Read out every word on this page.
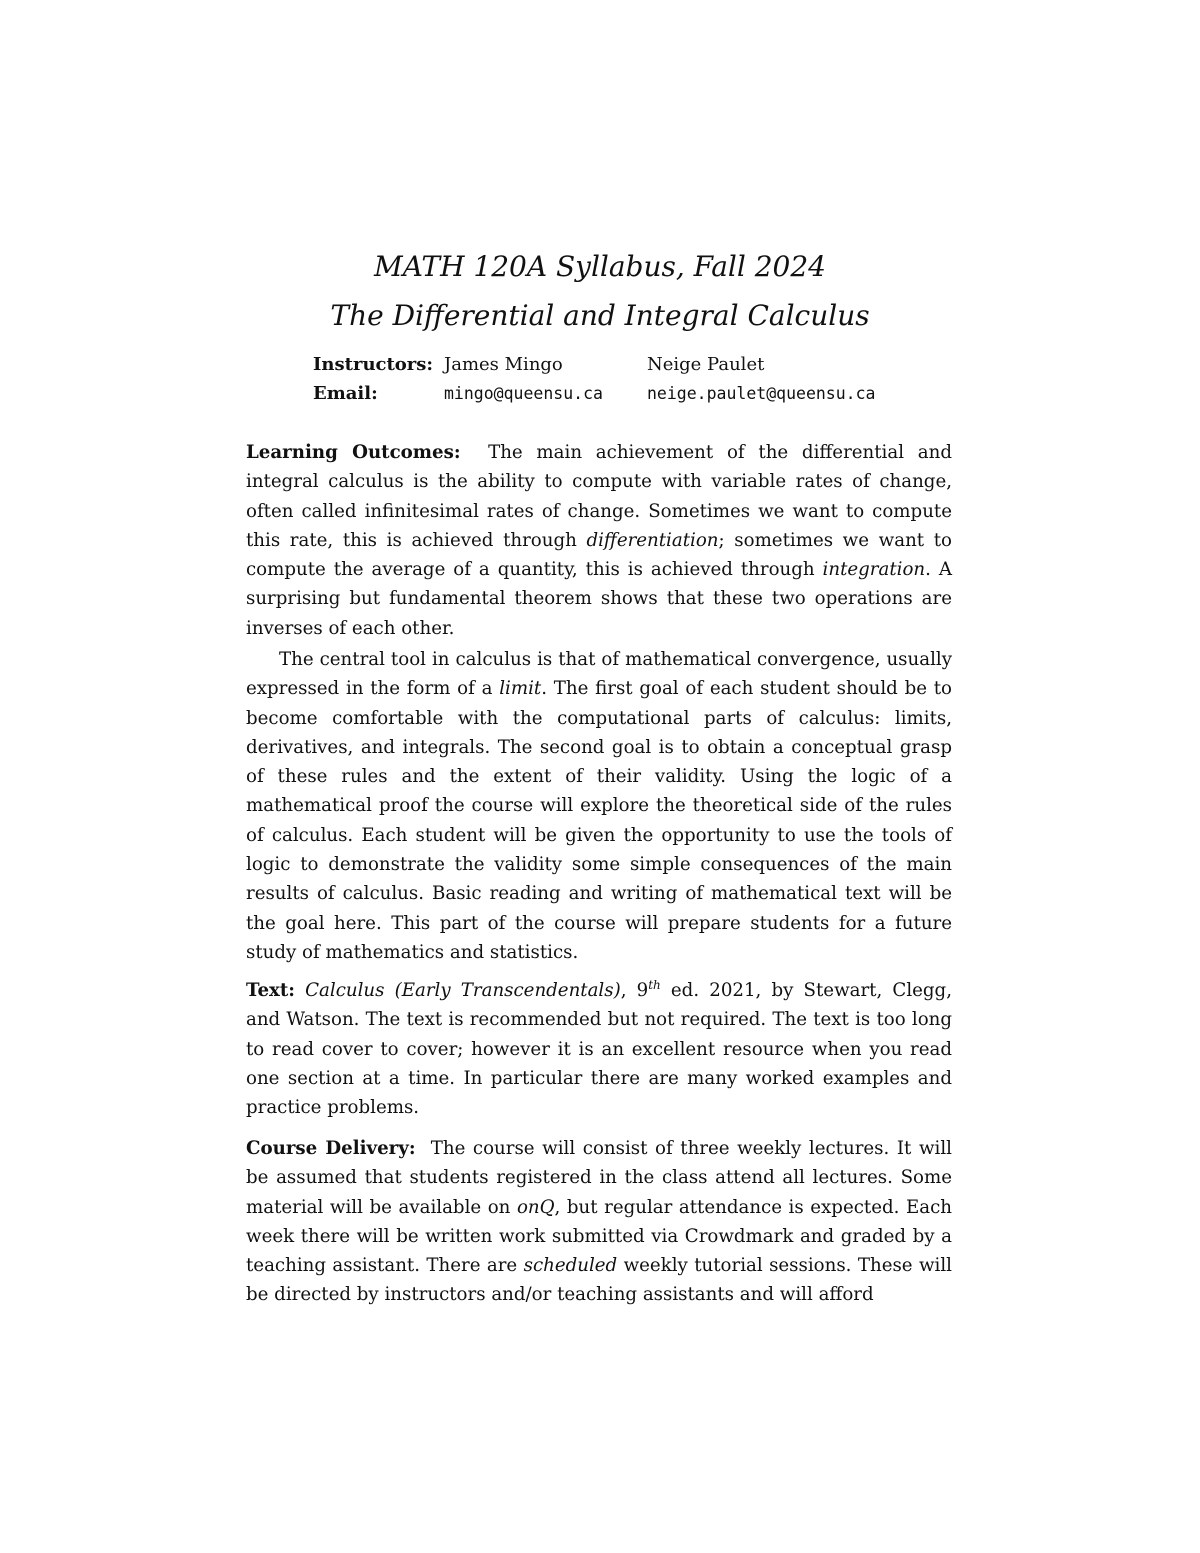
MATH 120A Syllabus, Fall 2024
The Differential and Integral Calculus
Instructors: James Mingo	Neige Paulet
Email:	mingo@queensu.ca	neige.paulet@queensu.ca

Learning Outcomes: The main achievement of the differential and integral calculus is the ability to compute with variable rates of change, often called infinitesimal rates of change. Sometimes we want to compute this rate, this is achieved through differentiation; sometimes we want to compute the average of a quantity, this is achieved through integration. A surprising but fundamental theorem shows that these two operations are inverses of each other.

The central tool in calculus is that of mathematical convergence, usually expressed in the form of a limit. The first goal of each student should be to become comfortable with the computational parts of calculus: limits, derivatives, and integrals. The second goal is to obtain a conceptual grasp of these rules and the extent of their validity. Using the logic of a mathematical proof the course will explore the theoretical side of the rules of calculus. Each student will be given the opportunity to use the tools of logic to demonstrate the validity some simple consequences of the main results of calculus. Basic reading and writing of mathematical text will be the goal here. This part of the course will prepare students for a future study of mathematics and statistics.

Text: Calculus (Early Transcendentals), 9th ed. 2021, by Stewart, Clegg, and Watson. The text is recommended but not required. The text is too long to read cover to cover; however it is an excellent resource when you read one section at a time. In particular there are many worked examples and practice problems.

Course Delivery: The course will consist of three weekly lectures. It will be assumed that students registered in the class attend all lectures. Some material will be available on onQ, but regular attendance is expected. Each week there will be written work submitted via Crowdmark and graded by a teaching assistant. There are scheduled weekly tutorial sessions. These will be directed by instructors and/or teaching assistants and will afford
